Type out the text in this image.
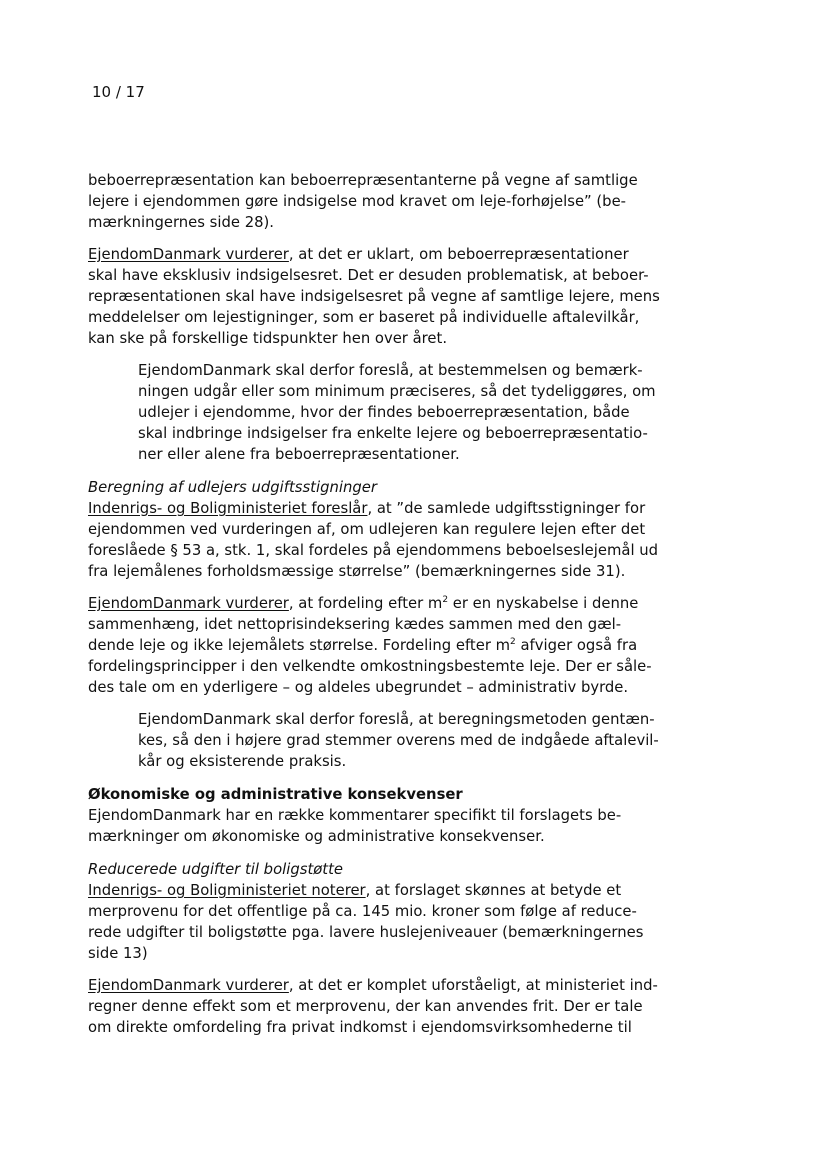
10 / 17

beboerrepræsentation kan beboerrepræsentanterne på vegne af samtlige
lejere i ejendommen gøre indsigelse mod kravet om leje-forhøjelse” (be-
mærkningernes side 28).

EjendomDanmark vurderer, at det er uklart, om beboerrepræsentationer
skal have eksklusiv indsigelsesret. Det er desuden problematisk, at beboer-
repræsentationen skal have indsigelsesret på vegne af samtlige lejere, mens
meddelelser om lejestigninger, som er baseret på individuelle aftalevilkår,
kan ske på forskellige tidspunkter hen over året.

EjendomDanmark skal derfor foreslå, at bestemmelsen og bemærk-
ningen udgår eller som minimum præciseres, så det tydeliggøres, om
udlejer i ejendomme, hvor der findes beboerrepræsentation, både
skal indbringe indsigelser fra enkelte lejere og beboerrepræsentatio-
ner eller alene fra beboerrepræsentationer.

Beregning af udlejers udgiftsstigninger
Indenrigs- og Boligministeriet foreslår, at ”de samlede udgiftsstigninger for
ejendommen ved vurderingen af, om udlejeren kan regulere lejen efter det
foreslåede § 53 a, stk. 1, skal fordeles på ejendommens beboelseslejemål ud
fra lejemålenes forholdsmæssige størrelse” (bemærkningernes side 31).

EjendomDanmark vurderer, at fordeling efter $m^2$ er en nyskabelse i denne
sammenhæng, idet nettoprisindeksering kædes sammen med den gæl-
dende leje og ikke lejemålets størrelse. Fordeling efter $m^2$ afviger også fra
fordelingsprincipper i den velkendte omkostningsbestemte leje. Der er såle-
des tale om en yderligere – og aldeles ubegrundet – administrativ byrde.

EjendomDanmark skal derfor foreslå, at beregningsmetoden gentæn-
kes, så den i højere grad stemmer overens med de indgåede aftalevil-
kår og eksisterende praksis.

Økonomiske og administrative konsekvenser
EjendomDanmark har en række kommentarer specifikt til forslagets be-
mærkninger om økonomiske og administrative konsekvenser.

Reducerede udgifter til boligstøtte
Indenrigs- og Boligministeriet noterer, at forslaget skønnes at betyde et
merprovenu for det offentlige på ca. 145 mio. kroner som følge af reduce-
rede udgifter til boligstøtte pga. lavere huslejeniveauer (bemærkningernes
side 13)

EjendomDanmark vurderer, at det er komplet uforståeligt, at ministeriet ind-
regner denne effekt som et merprovenu, der kan anvendes frit. Der er tale
om direkte omfordeling fra privat indkomst i ejendomsvirksomhederne til
